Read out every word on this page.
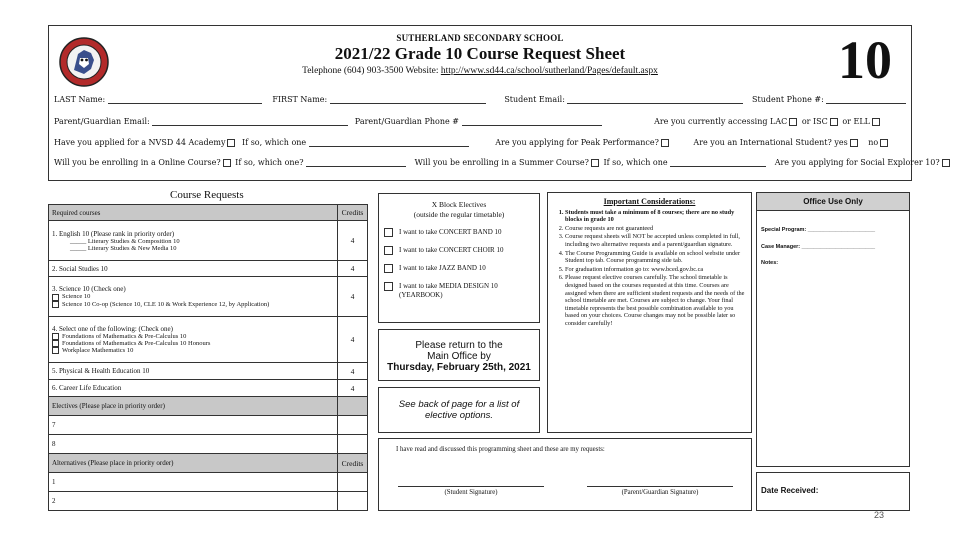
SUTHERLAND SECONDARY SCHOOL
2021/22 Grade 10 Course Request Sheet
Telephone (604) 903-3500 Website: http://www.sd44.ca/school/sutherland/Pages/default.aspx	10
LAST Name:	FIRST Name:	Student Email:	Student Phone #:
Parent/Guardian Email:	Parent/Guardian Phone #	Are you currently accessing LAC or ISC or ELL
Have you applied for a NVSD 44 Academy If so, which one	Are you applying for Peak Performance?	Are you an International Student? yes	no
Will you be enrolling in a Online Course? If so, which one?	Will you be enrolling in a Summer Course? If so, which one	Are you applying for Social Explorer 10?
Course Requests
Required courses	Credits

1. English 10 (Please rank in priority order)
_____ Literary Studies & Composition 10
_____ Literary Studies & New Media 10	4
2. Social Studies 10	4

3. Science 10 (Check one)
Science 10
Science 10 Co-op (Science 10, CLE 10 & Work Experience 12, by Application)	4

4. Select one of the following: (Check one)
Foundations of Mathematics & Pre-Calculus 10
Foundations of Mathematics & Pre-Calculus 10 Honours
Workplace Mathematics 10	4
5. Physical & Health Education 10	4
6. Career Life Education	4
Electives (Please place in priority order)	
7	
8	
Alternatives (Please place in priority order)	Credits
1	
2	
X Block Electives
(outside the regular timetable)
I want to take CONCERT BAND 10
I want to take CONCERT CHOIR 10
I want to take JAZZ BAND 10
I want to take MEDIA DESIGN 10 (YEARBOOK)
Please return to the
Main Office by
Thursday, February 25th, 2021
See back of page for a list of
elective options.
Important Considerations:
1. Students must take a minimum of 8 courses; there are no study blocks in grade 10
2. Course requests are not guaranteed
3. Course request sheets will NOT be accepted unless completed in full, including two alternative requests and a parent/guardian signature.
4. The Course Programming Guide is available on school website under Student top tab. Course programming side tab.
5. For graduation information go to: www.bced.gov.bc.ca
6. Please request elective courses carefully. The school timetable is designed based on the courses requested at this time. Courses are assigned when there are sufficient student requests and the needs of the school timetable are met. Courses are subject to change. Your final timetable represents the best possible combination available to you based on your choices. Course changes may not be possible later so consider carefully!
I have read and discussed this programming sheet and these are my requests:
(Student Signature)	(Parent/Guardian Signature)
Office Use Only
Special Program: ______________________
Case Manager: ________________________
Notes:
Date Received:
23
